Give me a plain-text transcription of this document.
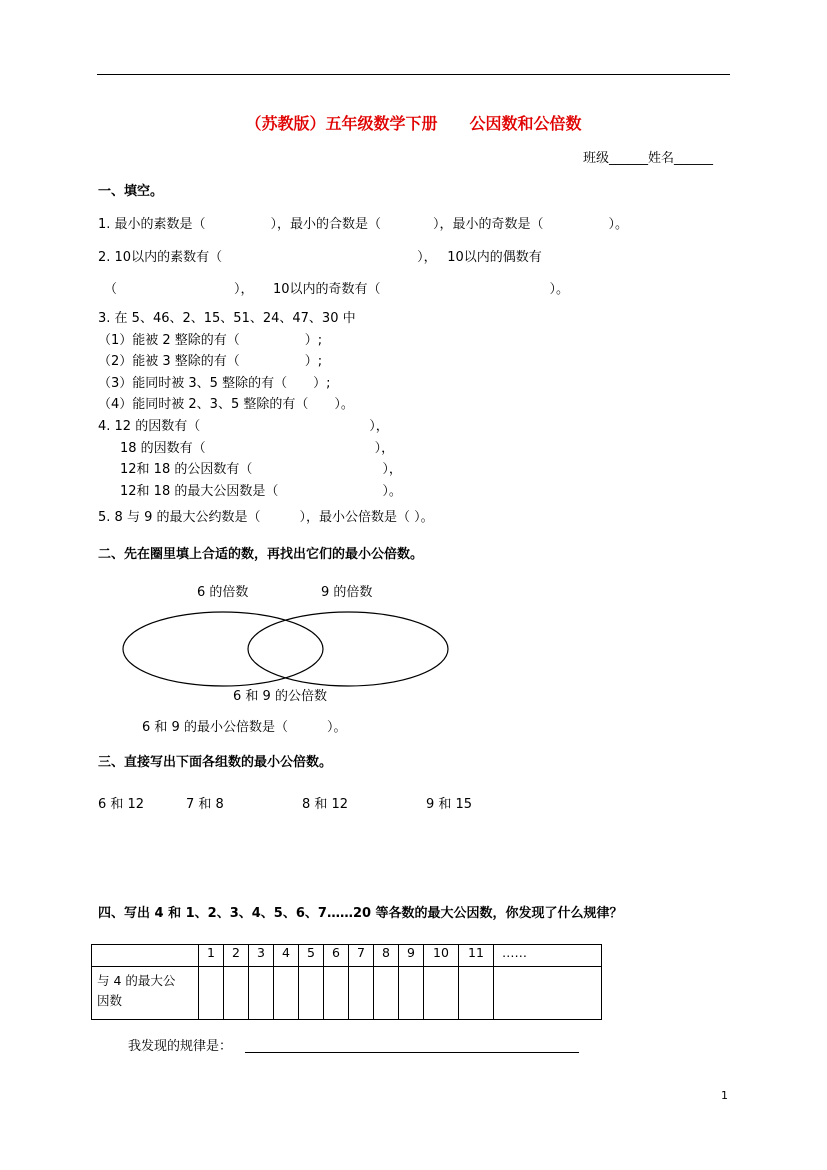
（苏教版）五年级数学下册　　公因数和公倍数
班级______姓名______
一、填空。
1. 最小的素数是（　　　　　），最小的合数是（　　　　），最小的奇数是（　　　　　）。
2. 10以内的素数有（　　　　　　　　　　　　　　　），　 10以内的偶数有
（　　　　　　　　　），　　10以内的奇数有（　　　　　　　　　　　　　）。
3. 在 5、46、2、15、51、24、47、30 中
（1）能被 2 整除的有（　　　　　）;
（2）能被 3 整除的有（　　　　　）;
（3）能同时被 3、5 整除的有（　　）;
（4）能同时被 2、3、5 整除的有（　　）。
4. 12 的因数有（　　　　　　　　　　　　　），
18 的因数有（　　　　　　　　　　　　　），
12和 18 的公因数有（　　　　　　　　　　），
12和 18 的最大公因数是（　　　　　　　　）。
5. 8 与 9 的最大公约数是（　　　），最小公倍数是（ ）。
二、先在圈里填上合适的数，再找出它们的最小公倍数。
6 的倍数	9 的倍数
6 和 9 的公倍数
6 和 9 的最小公倍数是（　　　）。
三、直接写出下面各组数的最小公倍数。
6 和 12	7 和 8	8 和 12	9 和 15
四、写出 4 和 1、2、3、4、5、6、7……20 等各数的最大公因数，你发现了什么规律？
	1	2	3	4	5	6	7	8	9	10	11	……
与 4 的最大公
因数												
我发现的规律是：
1
